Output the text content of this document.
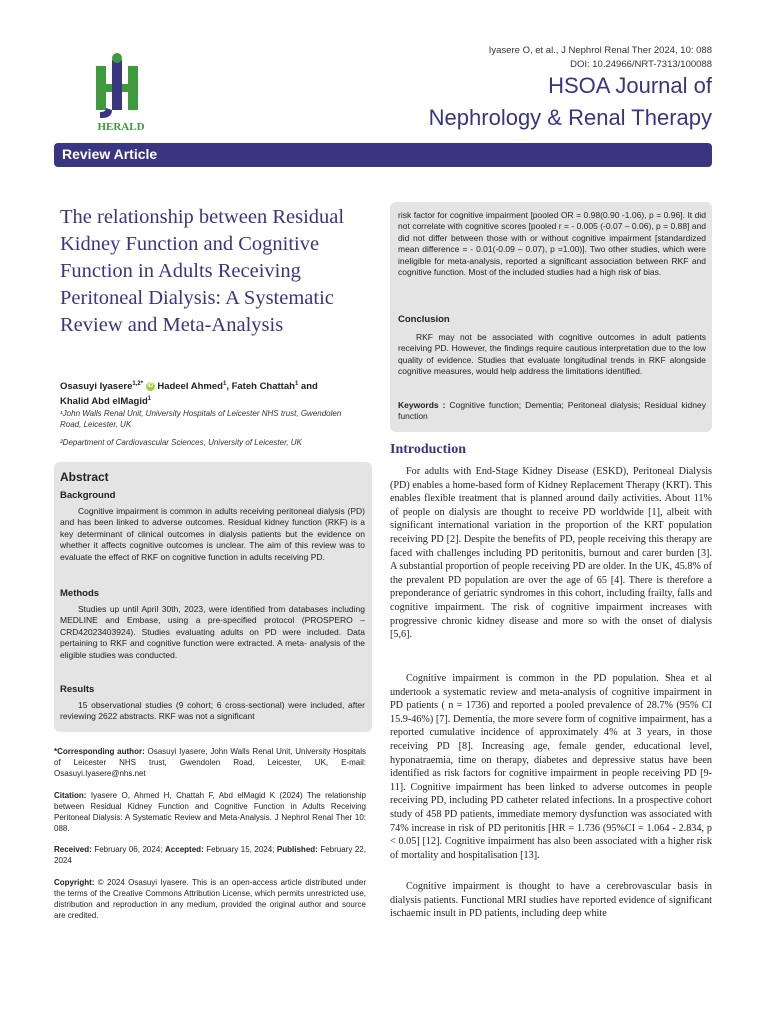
HERALD
Iyasere O, et al., J Nephrol Renal Ther 2024, 10: 088
DOI: 10.24966/NRT-7313/100088
HSOA Journal of
Nephrology & Renal Therapy
Review Article
The relationship between Residual Kidney Function and Cognitive Function in Adults Receiving Peritoneal Dialysis: A Systematic Review and Meta-Analysis
Osasuyi Iyasere$^{1,2*}$ iD Hadeel Ahmed$^1$, Fateh Chattah$^1$ and
Khalid Abd elMagid$^1$
¹John Walls Renal Unit, University Hospitals of Leicester NHS trust, Gwendolen Road, Leicester, UK
²Department of Cardiovascular Sciences, University of Leicester, UK
Abstract
Background
Cognitive impairment is common in adults receiving peritoneal dialysis (PD) and has been linked to adverse outcomes. Residual kidney function (RKF) is a key determinant of clinical outcomes in dialysis patients but the evidence on whether it affects cognitive outcomes is unclear. The aim of this review was to evaluate the effect of RKF on cognitive function in adults receiving PD.
Methods
Studies up until April 30th, 2023, were identified from databases including MEDLINE and Embase, using a pre-specified protocol (PROSPERO – CRD42023403924). Studies evaluating adults on PD were included. Data pertaining to RKF and cognitive function were extracted. A meta- analysis of the eligible studies was conducted.
Results
15 observational studies (9 cohort; 6 cross-sectional) were included, after reviewing 2622 abstracts. RKF was not a significant
*Corresponding author: Osasuyi Iyasere, John Walls Renal Unit, University Hospitals of Leicester NHS trust, Gwendolen Road, Leicester, UK, E-mail: Osasuyi.Iyasere@nhs.net
Citation: Iyasere O, Ahmed H, Chattah F, Abd elMagid K (2024) The relationship between Residual Kidney Function and Cognitive Function in Adults Receiving Peritoneal Dialysis: A Systematic Review and Meta-Analysis. J Nephrol Renal Ther 10: 088.
Received: February 06, 2024; Accepted: February 15, 2024; Published: February 22, 2024
Copyright: © 2024 Osasuyi Iyasere. This is an open-access article distributed under the terms of the Creative Commons Attribution License, which permits unrestricted use, distribution and reproduction in any medium, provided the original author and source are credited.
risk factor for cognitive impairment [pooled OR = 0.98(0.90 -1.06), p = 0.96]. It did not correlate with cognitive scores [pooled r = - 0.005 (-0.07 – 0.06), p = 0.88] and did not differ between those with or without cognitive impairment [standardized mean difference = - 0.01(-0.09 – 0.07), p =1.00)]. Two other studies, which were ineligible for meta-analysis, reported a significant association between RKF and cognitive function. Most of the included studies had a high risk of bias.
Conclusion
RKF may not be associated with cognitive outcomes in adult patients receiving PD. However, the findings require cautious interpretation due to the low quality of evidence. Studies that evaluate longitudinal trends in RKF alongside cognitive measures, would help address the limitations identified.
Keywords : Cognitive function; Dementia; Peritoneal dialysis; Residual kidney function
Introduction
For adults with End-Stage Kidney Disease (ESKD), Peritoneal Dialysis (PD) enables a home-based form of Kidney Replacement Therapy (KRT). This enables flexible treatment that is planned around daily activities. About 11% of people on dialysis are thought to receive PD worldwide [1], albeit with significant international variation in the proportion of the KRT population receiving PD [2]. Despite the benefits of PD, people receiving this therapy are faced with challenges including PD peritonitis, burnout and carer burden [3]. A substantial proportion of people receiving PD are older. In the UK, 45.8% of the prevalent PD population are over the age of 65 [4]. There is therefore a preponderance of geriatric syndromes in this cohort, including frailty, falls and cognitive impairment. The risk of cognitive impairment increases with progressive chronic kidney disease and more so with the onset of dialysis [5,6].
Cognitive impairment is common in the PD population. Shea et al undertook a systematic review and meta-analysis of cognitive impairment in PD patients ( n = 1736) and reported a pooled prevalence of 28.7% (95% CI 15.9-46%) [7]. Dementia, the more severe form of cognitive impairment, has a reported cumulative incidence of approximately 4% at 3 years, in those receiving PD [8]. Increasing age, female gender, educational level, hyponatraemia, time on therapy, diabetes and depressive status have been identified as risk factors for cognitive impairment in people receiving PD [9-11]. Cognitive impairment has been linked to adverse outcomes in people receiving PD, including PD catheter related infections. In a prospective cohort study of 458 PD patients, immediate memory dysfunction was associated with 74% increase in risk of PD peritonitis [HR = 1.736 (95%CI = 1.064 - 2.834, p < 0.05] [12]. Cognitive impairment has also been associated with a higher risk of mortality and hospitalisation [13].
Cognitive impairment is thought to have a cerebrovascular basis in dialysis patients. Functional MRI studies have reported evidence of significant ischaemic insult in PD patients, including deep white
